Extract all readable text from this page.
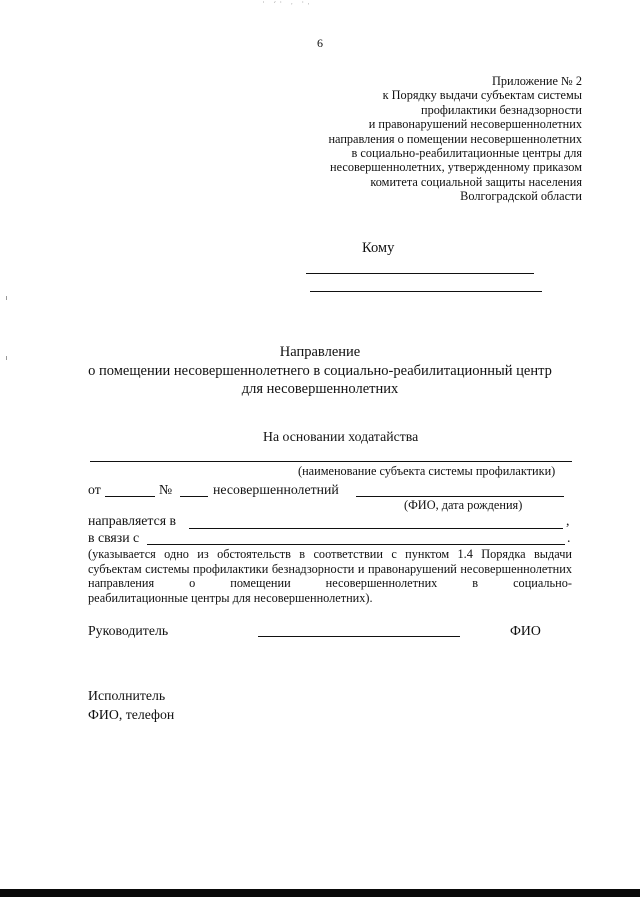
˙ ˊ˙ ˑ ˙ˑ
6
Приложение № 2
к Порядку выдачи субъектам системы
профилактики безнадзорности
и правонарушений несовершеннолетних
направления о помещении несовершеннолетних
в социально-реабилитационные центры для
несовершеннолетних, утвержденному приказом
комитета социальной защиты населения
Волгоградской области
Кому
Направление
о помещении несовершеннолетнего в социально-реабилитационный центр
для несовершеннолетних
На основании ходатайства
(наименование субъекта системы профилактики)
от	№	несовершеннолетний
(ФИО, дата рождения)
направляется в	,
в связи с	.
(указывается одно из обстоятельств в соответствии с пунктом 1.4 Порядка выдачи субъектам системы профилактики безнадзорности и правонарушений несовершеннолетних направления о помещении несовершеннолетних в социально-
реабилитационные центры для несовершеннолетних).
Руководитель	ФИО
Исполнитель
ФИО, телефон
